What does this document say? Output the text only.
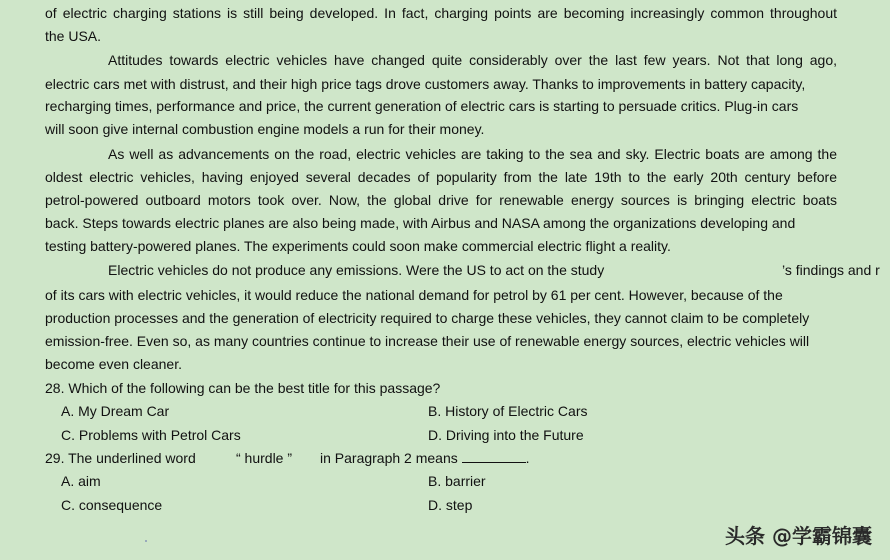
of electric charging stations is still being developed. In fact, charging points are becoming increasingly common throughout
the USA.
Attitudes towards electric vehicles have changed quite considerably over the last few years. Not that long ago,
electric cars met with distrust, and their high price tags drove customers away. Thanks to improvements in battery capacity,
recharging times, performance and price, the current generation of electric cars is starting to persuade critics. Plug-in cars
will soon give internal combustion engine models a run for their money.
As well as advancements on the road, electric vehicles are taking to the sea and sky. Electric boats are among the
oldest electric vehicles, having enjoyed several decades of popularity from the late 19th to the early 20th century before
petrol-powered outboard motors took over. Now, the global drive for renewable energy sources is bringing electric boats
back. Steps towards electric planes are also being made, with Airbus and NASA among the organizations developing and
testing battery-powered planes. The experiments could soon make commercial electric flight a reality.
Electric vehicles do not produce any emissions. Were the US to act on the study	’s findings and r
of its cars with electric vehicles, it would reduce the national demand for petrol by 61 per cent. However, because of the
production processes and the generation of electricity required to charge these vehicles, they cannot claim to be completely
emission-free. Even so, as many countries continue to increase their use of renewable energy sources, electric vehicles will
become even cleaner.
28. Which of the following can be the best title for this passage?
A. My Dream Car	B. History of Electric Cars
C. Problems with Petrol Cars	D. Driving into the Future
29. The underlined word	“ hurdle ” in Paragraph 2 means	.
A. aim	B. barrier
C. consequence	D. step
头条 @学霸锦囊
